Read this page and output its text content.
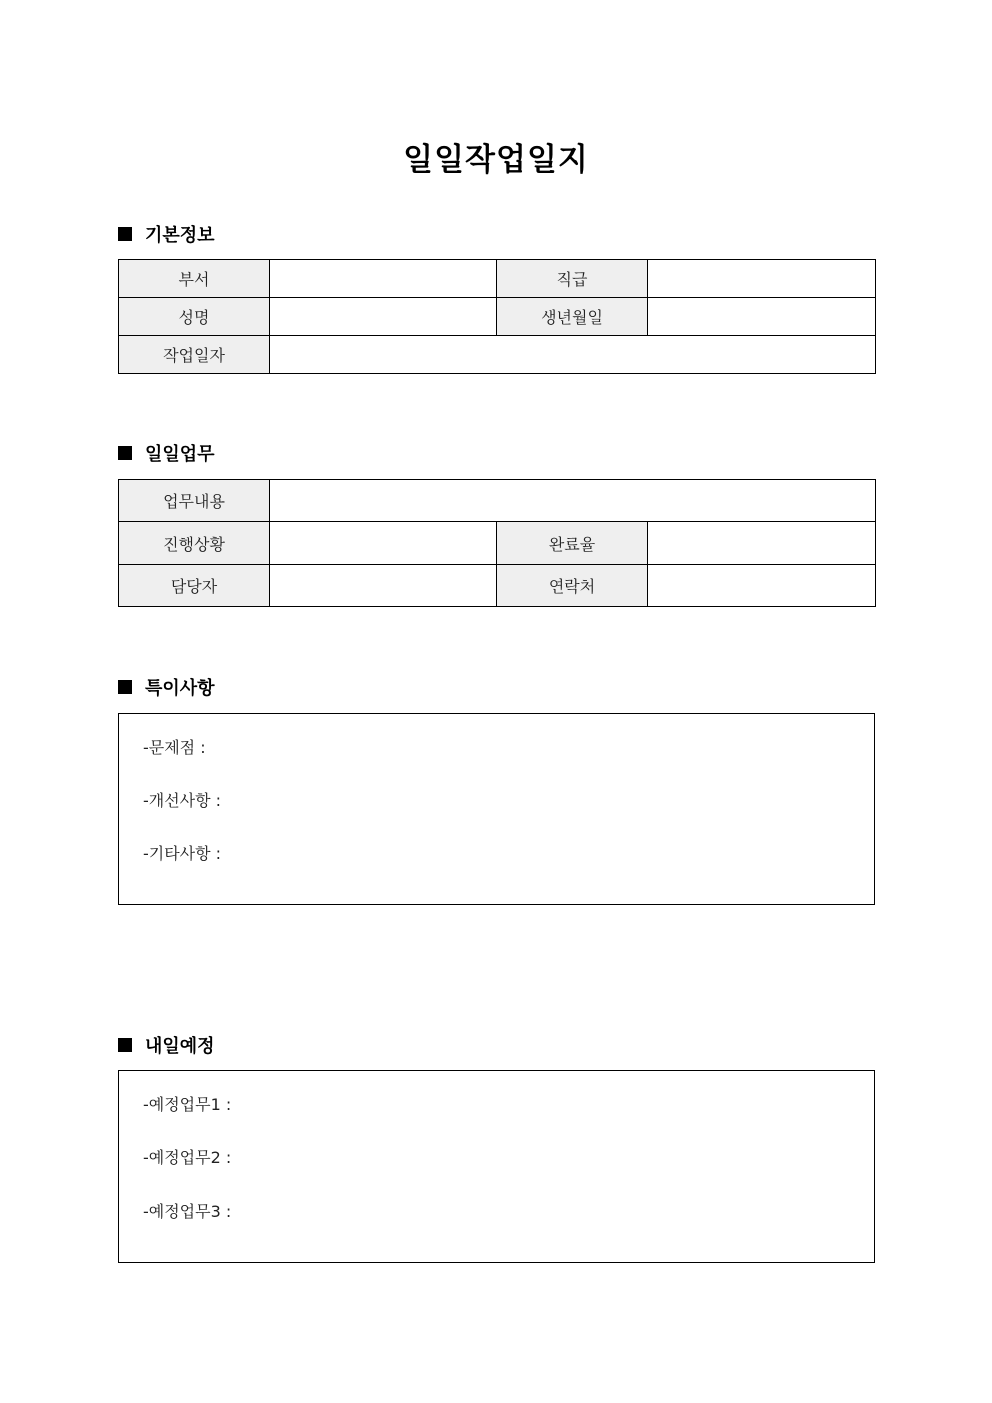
일일작업일지
기본정보
부서		직급	
성명		생년월일	
작업일자			
일일업무
업무내용			
진행상황		완료율	
담당자		연락처	
특이사항
-문제점 :
-개선사항 :
-기타사항 :
내일예정
-예정업무1 :
-예정업무2 :
-예정업무3 :
